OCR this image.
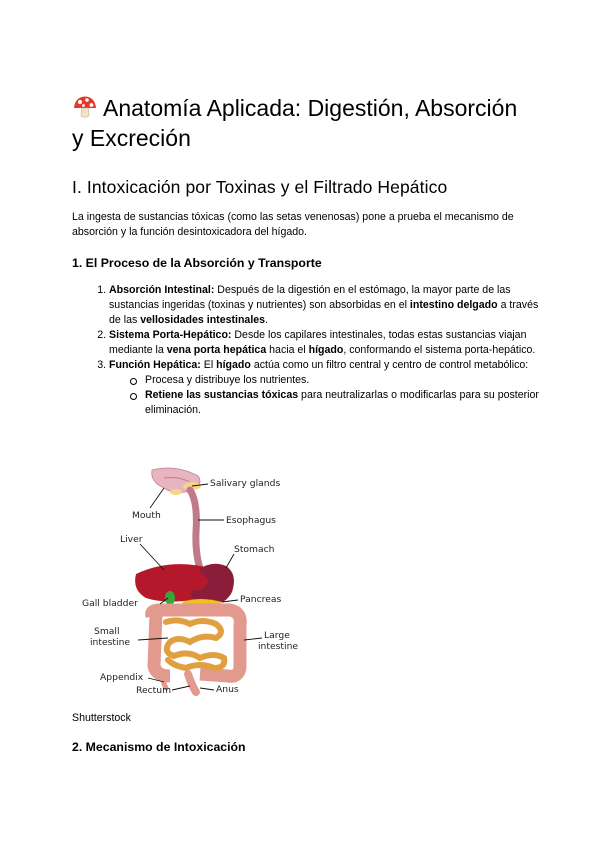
Anatomía Aplicada: Digestión, Absorción y Excreción
I. Intoxicación por Toxinas y el Filtrado Hepático

La ingesta de sustancias tóxicas (como las setas venenosas) pone a prueba el mecanismo de absorción y la función desintoxicadora del hígado.

1. El Proceso de la Absorción y Transporte
1. Absorción Intestinal: Después de la digestión en el estómago, la mayor parte de las sustancias ingeridas (toxinas y nutrientes) son absorbidas en el intestino delgado a través de las vellosidades intestinales.
2. Sistema Porta-Hepático: Desde los capilares intestinales, todas estas sustancias viajan mediante la vena porta hepática hacia el hígado, conformando el sistema porta-hepático.
3. Función Hepática: El hígado actúa como un filtro central y centro de control metabólico:
Procesa y distribuye los nutrientes.
Retiene las sustancias tóxicas para neutralizarlas o modificarlas para su posterior eliminación.
Salivary glands
Mouth	Esophagus
Liver
Stomach
Gall bladder	Pancreas
Small
intestine
Large
intestine
Appendix
Rectum	Anus

Shutterstock

2. Mecanismo de Intoxicación
